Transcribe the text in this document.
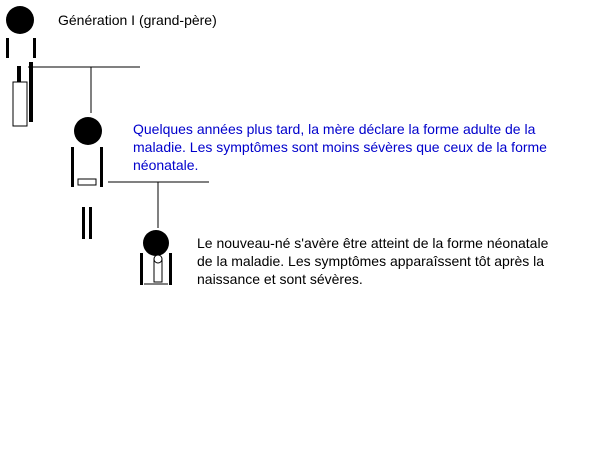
Génération I (grand-père)

Quelques années plus tard, la mère déclare la forme adulte de la maladie. Les symptômes sont moins sévères que ceux de la forme néonatale.

Le nouveau-né s'avère être atteint de la forme néonatale de la maladie. Les symptômes apparaîssent tôt après la naissance et sont sévères.
